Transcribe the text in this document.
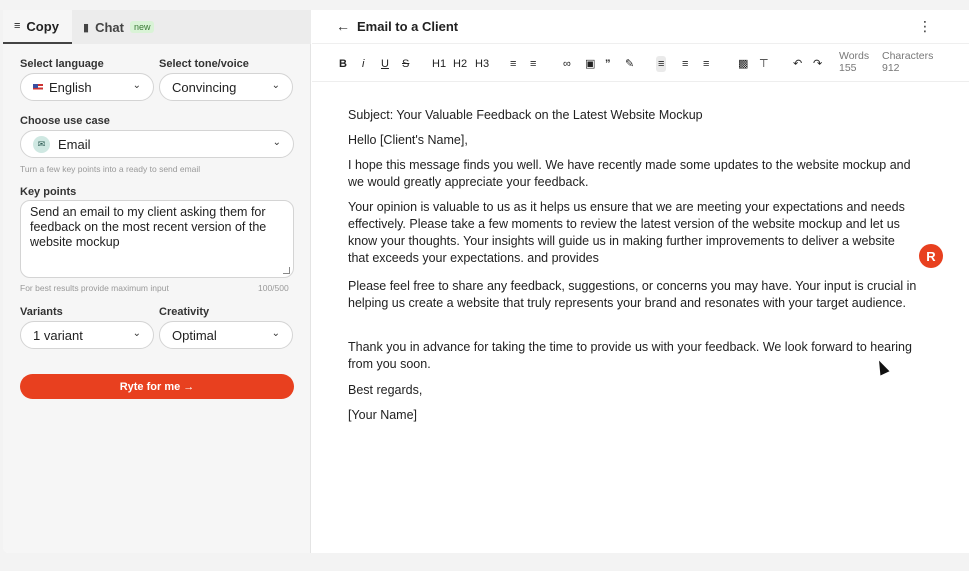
≡ Copy ▮ Chat	new
Select language	Select tone/voice
English	⌄ Convincing	⌄
Choose use case
✉ Email	⌄
Turn a few key points into a ready to send email
Key points
Send an email to my client asking them for feedback on the most recent version of the website mockup
For best results provide maximum input	100/500
Variants	Creativity
1 variant	⌄ Optimal	⌄
Ryte for me →
← Email to a Client	⋮
B i U S H1 H2 H3 ≡ ≡ ∞ ▣ ” ✎ ≡ ≡ ≡	▩ ⊤ ↶ ↷
Words
155
Characters
912
Subject: Your Valuable Feedback on the Latest Website Mockup
Hello [Client's Name],
I hope this message finds you well. We have recently made some updates to the website mockup and we would greatly appreciate your feedback.
Your opinion is valuable to us as it helps us ensure that we are meeting your expectations and needs effectively. Please take a few moments to review the latest version of the website mockup and let us know your thoughts. Your insights will guide us in making further improvements to deliver a website that exceeds your expectations. and provides
Please feel free to share any feedback, suggestions, or concerns you may have. Your input is crucial in helping us create a website that truly represents your brand and resonates with your target audience.
Thank you in advance for taking the time to provide us with your feedback. We look forward to hearing from you soon.
Best regards,
[Your Name]
R
